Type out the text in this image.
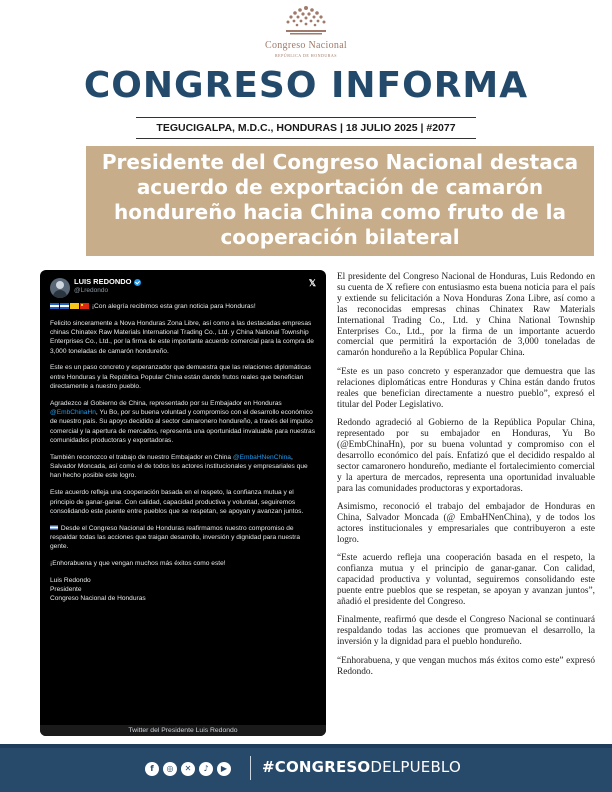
Congreso Nacional
REPÚBLICA DE HONDURAS
CONGRESO INFORMA
TEGUCIGALPA, M.D.C., HONDURAS | 18 JULIO 2025 | #2077
Presidente del Congreso Nacional destaca acuerdo de exportación de camarón hondureño hacia China como fruto de la cooperación bilateral
LUIS REDONDO
@Lredondo
𝕏

¡Con alegría recibimos esta gran noticia para Honduras!

Felicito sinceramente a Nova Honduras Zona Libre, así como a las destacadas empresas chinas Chinatex Raw Materials International Trading Co., Ltd. y China National Township Enterprises Co., Ltd., por la firma de este importante acuerdo comercial para la compra de 3,000 toneladas de camarón hondureño.

Este es un paso concreto y esperanzador que demuestra que las relaciones diplomáticas entre Honduras y la República Popular China están dando frutos reales que benefician directamente a nuestro pueblo.

Agradezco al Gobierno de China, representado por su Embajador en Honduras @EmbChinaHn, Yu Bo, por su buena voluntad y compromiso con el desarrollo económico de nuestro país. Su apoyo decidido al sector camaronero hondureño, a través del impulso comercial y la apertura de mercados, representa una oportunidad invaluable para nuestras comunidades productoras y exportadoras.

También reconozco el trabajo de nuestro Embajador en China @EmbaHNenChina, Salvador Moncada, así como el de todos los actores institucionales y empresariales que han hecho posible este logro.

Este acuerdo refleja una cooperación basada en el respeto, la confianza mutua y el principio de ganar-ganar. Con calidad, capacidad productiva y voluntad, seguiremos consolidando este puente entre pueblos que se respetan, se apoyan y avanzan juntos.

Desde el Congreso Nacional de Honduras reafirmamos nuestro compromiso de respaldar todas las acciones que traigan desarrollo, inversión y dignidad para nuestra gente.

¡Enhorabuena y que vengan muchos más éxitos como este!

Luis Redondo

Presidente

Congreso Nacional de Honduras

Twitter del Presidente Luis Redondo

El presidente del Congreso Nacional de Honduras, Luis Redondo en su cuenta de X refiere con entusiasmo esta buena noticia para el país y extiende su felicitación a Nova Honduras Zona Libre, así como a las reconocidas empresas chinas Chinatex Raw Materials International Trading Co., Ltd. y China National Township Enterprises Co., Ltd., por la firma de un importante acuerdo comercial que permitirá la exportación de 3,000 toneladas de camarón hondureño a la República Popular China.

“Este es un paso concreto y esperanzador que demuestra que las relaciones diplomáticas entre Honduras y China están dando frutos reales que benefician directamente a nuestro pueblo”, expresó el titular del Poder Legislativo.

Redondo agradeció al Gobierno de la República Popular China, representado por su embajador en Honduras, Yu Bo (@EmbChinaHn), por su buena voluntad y compromiso con el desarrollo económico del país. Enfatizó que el decidido respaldo al sector camaronero hondureño, mediante el fortalecimiento comercial y la apertura de mercados, representa una oportunidad invaluable para las comunidades productoras y exportadoras.

Asimismo, reconoció el trabajo del embajador de Honduras en China, Salvador Moncada (@ EmbaHNenChina), y de todos los actores institucionales y empresariales que contribuyeron a este logro.

“Este acuerdo refleja una cooperación basada en el respeto, la confianza mutua y el principio de ganar-ganar. Con calidad, capacidad productiva y voluntad, seguiremos consolidando este puente entre pueblos que se respetan, se apoyan y avanzan juntos”, añadió el presidente del Congreso.

Finalmente, reafirmó que desde el Congreso Nacional se continuará respaldando todas las acciones que promuevan el desarrollo, la inversión y la dignidad para el pueblo hondureño.

“Enhorabuena, y que vengan muchos más éxitos como este” expresó Redondo.

f	◎	✕	♪	▶ #CONGRESODELPUEBLO
